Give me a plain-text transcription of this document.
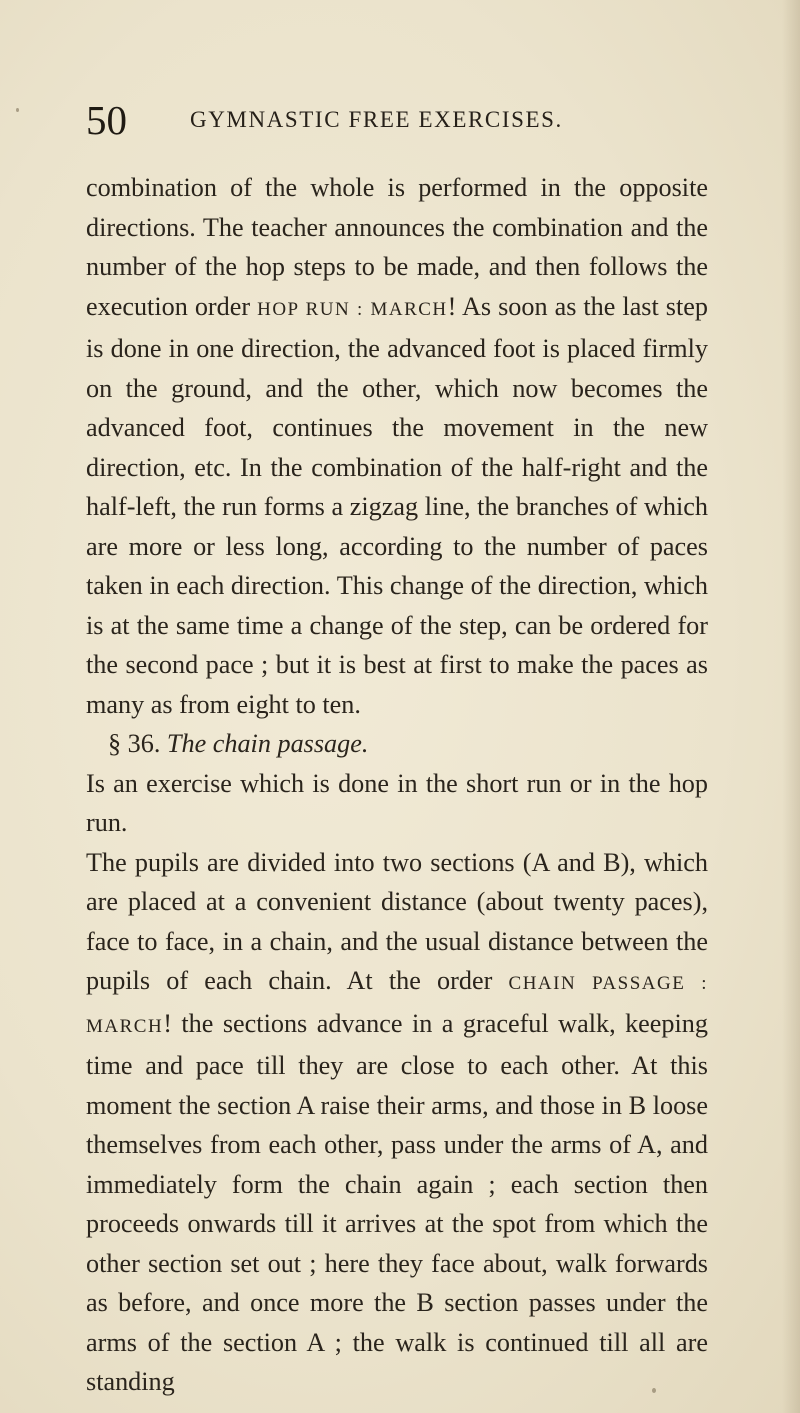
50	GYMNASTIC FREE EXERCISES.

combination of the whole is performed in the opposite directions. The teacher announces the combination and the number of the hop steps to be made, and then follows the execution order HOP RUN : MARCH! As soon as the last step is done in one direction, the advanced foot is placed firmly on the ground, and the other, which now becomes the advanced foot, continues the movement in the new direction, etc. In the combination of the half-right and the half-left, the run forms a zigzag line, the branches of which are more or less long, according to the number of paces taken in each direction. This change of the direction, which is at the same time a change of the step, can be ordered for the second pace ; but it is best at first to make the paces as many as from eight to ten.

§ 36. The chain passage.

Is an exercise which is done in the short run or in the hop run.

The pupils are divided into two sections (A and B), which are placed at a convenient distance (about twenty paces), face to face, in a chain, and the usual distance between the pupils of each chain. At the order CHAIN PASSAGE : MARCH! the sections advance in a graceful walk, keeping time and pace till they are close to each other. At this moment the section A raise their arms, and those in B loose themselves from each other, pass under the arms of A, and immediately form the chain again ; each section then proceeds onwards till it arrives at the spot from which the other section set out ; here they face about, walk forwards as before, and once more the B section passes under the arms of the section A ; the walk is continued till all are standing
